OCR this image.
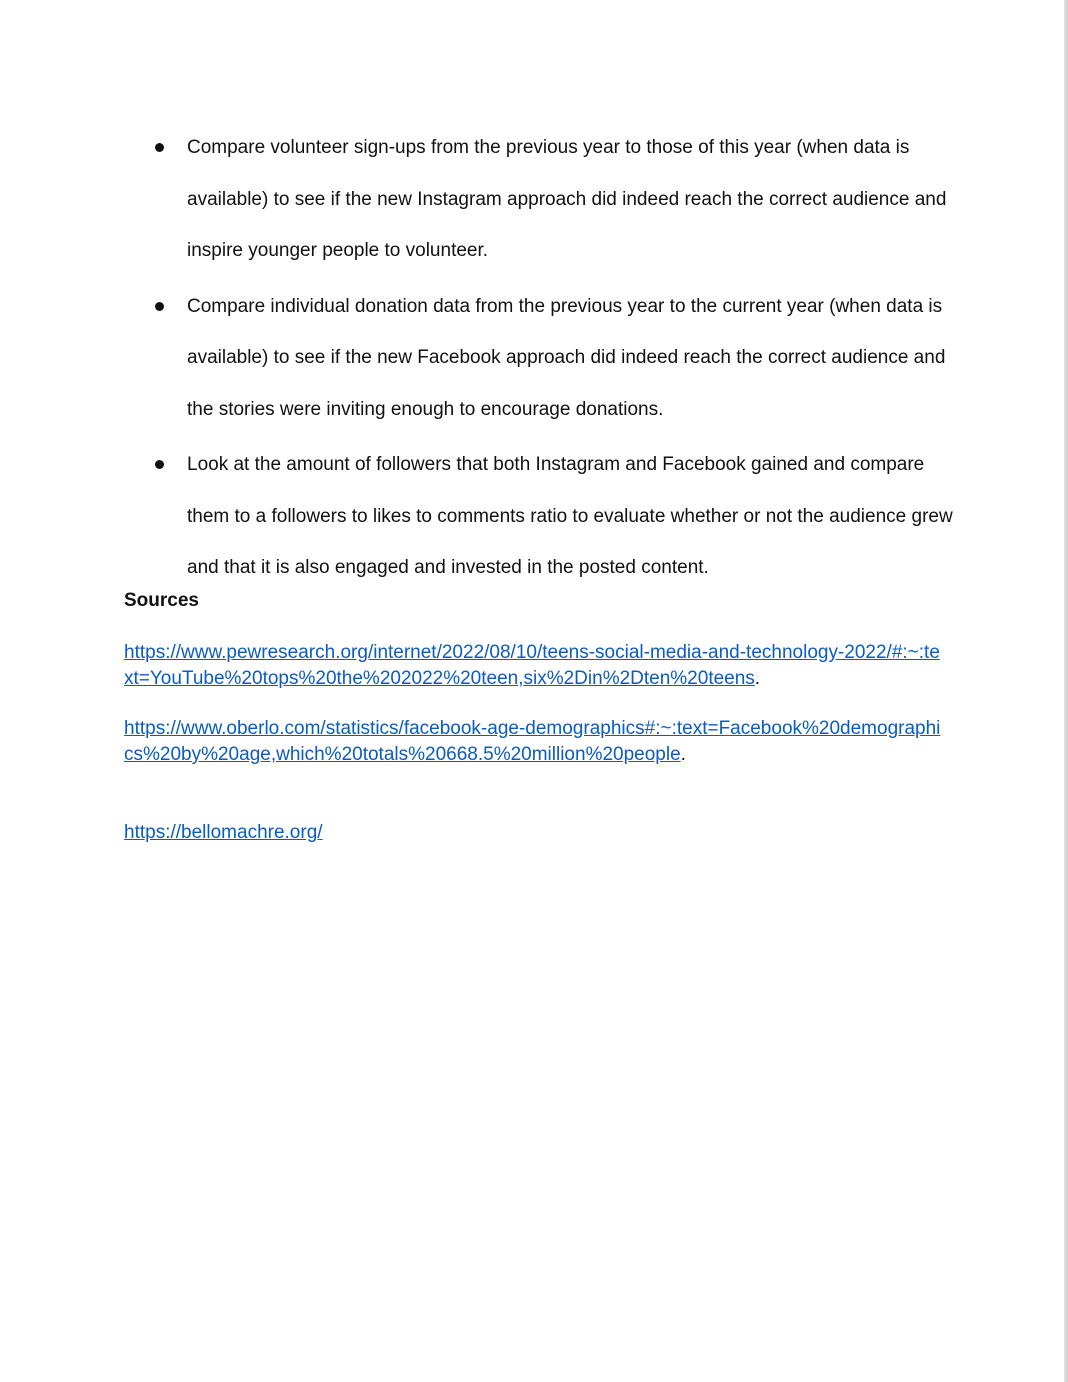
Compare volunteer sign-ups from the previous year to those of this year (when data is available) to see if the new Instagram approach did indeed reach the correct audience and inspire younger people to volunteer.
Compare individual donation data from the previous year to the current year (when data is available) to see if the new Facebook approach did indeed reach the correct audience and the stories were inviting enough to encourage donations.
Look at the amount of followers that both Instagram and Facebook gained and compare them to a followers to likes to comments ratio to evaluate whether or not the audience grew and that it is also engaged and invested in the posted content.
Sources
https://www.pewresearch.org/internet/2022/08/10/teens-social-media-and-technology-2022/#:~:text=YouTube%20tops%20the%202022%20teen,six%2Din%2Dten%20teens.
https://www.oberlo.com/statistics/facebook-age-demographics#:~:text=Facebook%20demographics%20by%20age,which%20totals%20668.5%20million%20people.
https://bellomachre.org/
